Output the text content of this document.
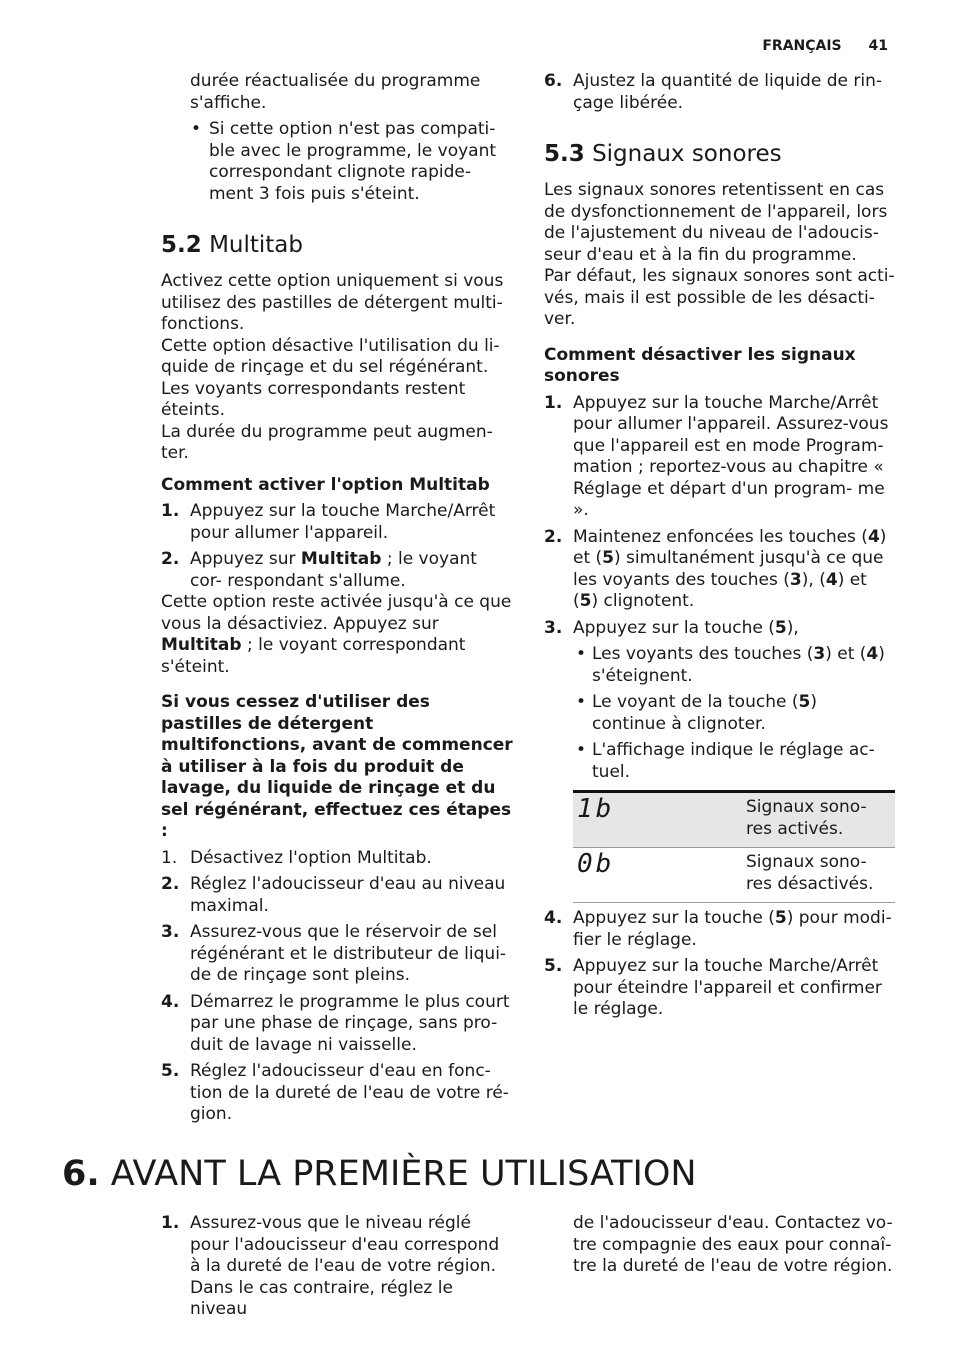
FRANÇAIS 41

durée réactualisée du programme s'affiche.

• Si cette option n'est pas compati- ble avec le programme, le voyant correspondant clignote rapide- ment 3 fois puis s'éteint.

5.2 Multitab

Activez cette option uniquement si vous utilisez des pastilles de détergent multi- fonctions.

Cette option désactive l'utilisation du li- quide de rinçage et du sel régénérant. Les voyants correspondants restent éteints.

La durée du programme peut augmen- ter.

Comment activer l'option Multitab

1. Appuyez sur la touche Marche/Arrêt pour allumer l'appareil.
2. Appuyez sur Multitab ; le voyant cor- respondant s'allume.

Cette option reste activée jusqu'à ce que vous la désactiviez. Appuyez sur Multitab ; le voyant correspondant s'éteint.

Si vous cessez d'utiliser des pastilles de détergent multifonctions, avant de commencer à utiliser à la fois du produit de lavage, du liquide de rinçage et du sel régénérant, effectuez ces étapes :

1. Désactivez l'option Multitab.
2. Réglez l'adoucisseur d'eau au niveau maximal.
3. Assurez-vous que le réservoir de sel régénérant et le distributeur de liqui- de de rinçage sont pleins.
4. Démarrez le programme le plus court par une phase de rinçage, sans pro- duit de lavage ni vaisselle.
5. Réglez l'adoucisseur d'eau en fonc- tion de la dureté de l'eau de votre ré- gion.
6. Ajustez la quantité de liquide de rin- çage libérée.
5.3 Signaux sonores

Les signaux sonores retentissent en cas de dysfonctionnement de l'appareil, lors de l'ajustement du niveau de l'adoucis- seur d'eau et à la fin du programme.

Par défaut, les signaux sonores sont acti- vés, mais il est possible de les désacti- ver.

Comment désactiver les signaux sonores

1. Appuyez sur la touche Marche/Arrêt pour allumer l'appareil. Assurez-vous que l'appareil est en mode Program- mation ; reportez-vous au chapitre « Réglage et départ d'un program- me ».
2. Maintenez enfoncées les touches (4) et (5) simultanément jusqu'à ce que les voyants des touches (3), (4) et (5) clignotent.
3. Appuyez sur la touche (5),
• Les voyants des touches (3) et (4) s'éteignent.
• Le voyant de la touche (5) continue à clignoter.
• L'affichage indique le réglage ac- tuel.
1b	Signaux sono- res activés.
0b	Signaux sono- res désactivés.
4. Appuyez sur la touche (5) pour modi- fier le réglage.
5. Appuyez sur la touche Marche/Arrêt pour éteindre l'appareil et confirmer le réglage.
6. AVANT LA PREMIÈRE UTILISATION
1. Assurez-vous que le niveau réglé pour l'adoucisseur d'eau correspond à la dureté de l'eau de votre région. Dans le cas contraire, réglez le niveau

de l'adoucisseur d'eau. Contactez vo- tre compagnie des eaux pour connaî- tre la dureté de l'eau de votre région.
